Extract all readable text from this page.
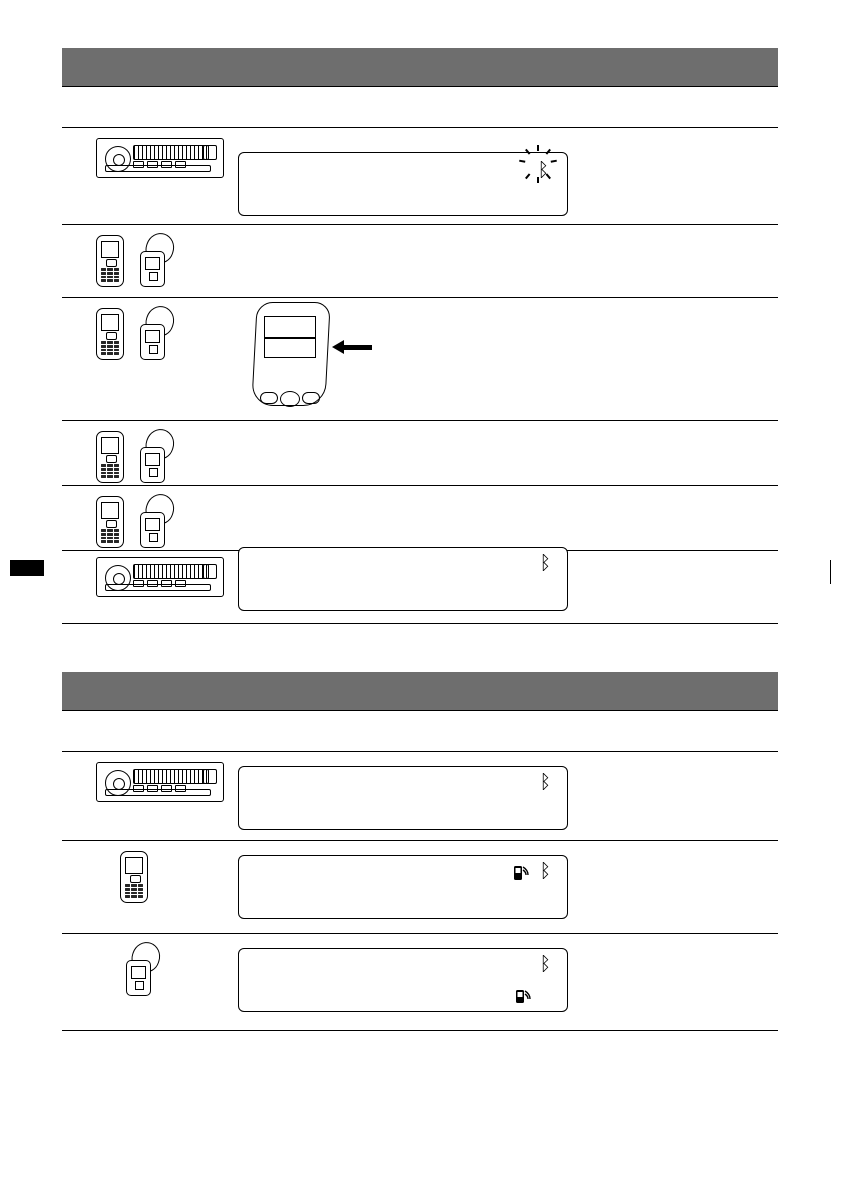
ᛒ
ᛒ
ᛒ
ᛒ
ᛒ
